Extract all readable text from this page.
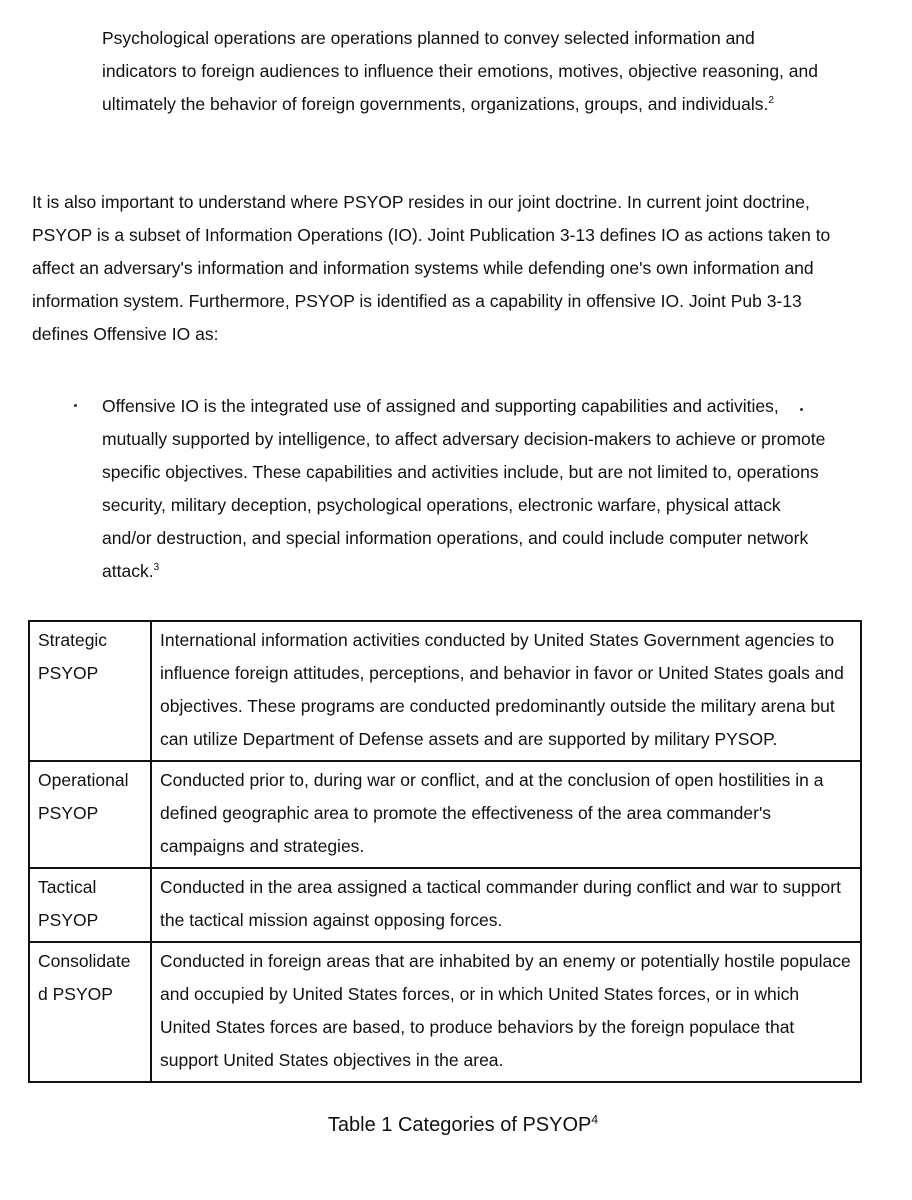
Psychological operations are operations planned to convey selected information and indicators to foreign audiences to influence their emotions, motives, objective reasoning, and ultimately the behavior of foreign governments, organizations, groups, and individuals.$^2$

It is also important to understand where PSYOP resides in our joint doctrine. In current joint doctrine, PSYOP is a subset of Information Operations (IO). Joint Publication 3-13 defines IO as actions taken to affect an adversary's information and information systems while defending one's own information and information system. Furthermore, PSYOP is identified as a capability in offensive IO. Joint Pub 3-13 defines Offensive IO as:

Offensive IO is the integrated use of assigned and supporting capabilities and activities, mutually supported by intelligence, to affect adversary decision-makers to achieve or promote specific objectives. These capabilities and activities include, but are not limited to, operations security, military deception, psychological operations, electronic warfare, physical attack and/or destruction, and special information operations, and could include computer network attack.$^3$

Strategic PSYOP	International information activities conducted by United States Government agencies to influence foreign attitudes, perceptions, and behavior in favor or United States goals and objectives. These programs are conducted predominantly outside the military arena but can utilize Department of Defense assets and are supported by military PYSOP.
Operational PSYOP	Conducted prior to, during war or conflict, and at the conclusion of open hostilities in a defined geographic area to promote the effectiveness of the area commander's campaigns and strategies.
Tactical PSYOP	Conducted in the area assigned a tactical commander during conflict and war to support the tactical mission against opposing forces.
Consolidate d PSYOP	Conducted in foreign areas that are inhabited by an enemy or potentially hostile populace and occupied by United States forces, or in which United States forces, or in which United States forces are based, to produce behaviors by the foreign populace that support United States objectives in the area.

Table 1 Categories of PSYOP$^4$
